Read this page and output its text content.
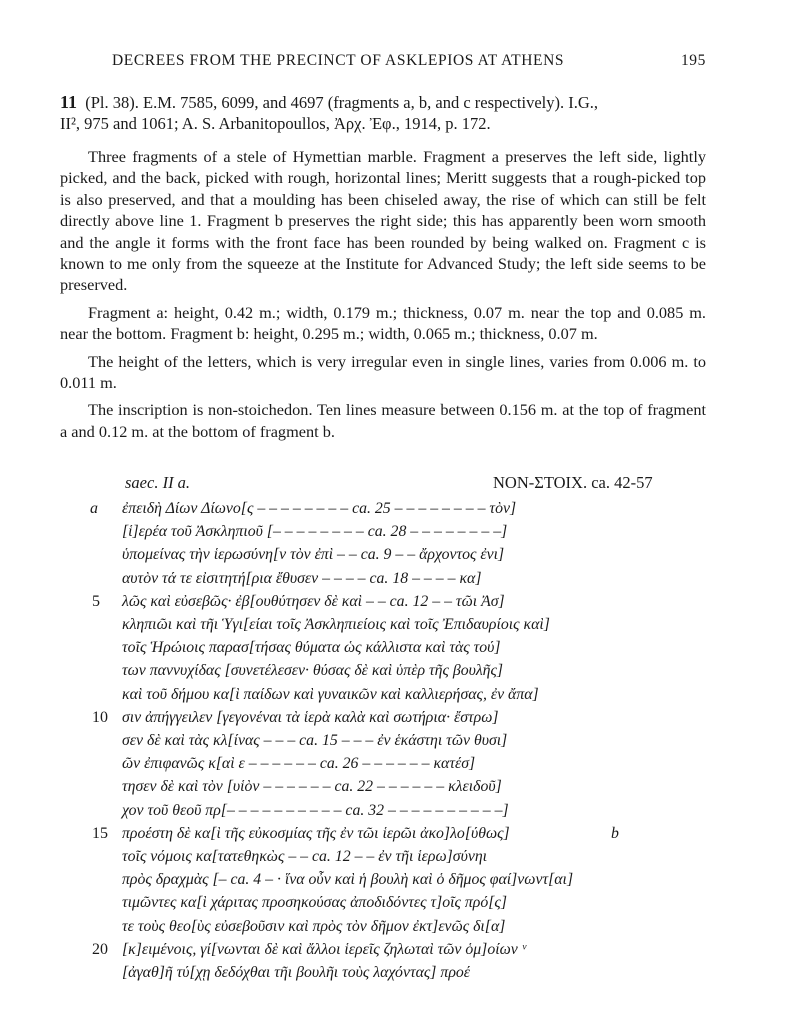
DECREES FROM THE PRECINCT OF ASKLEPIOS AT ATHENS	195
11 (Pl. 38). E.M. 7585, 6099, and 4697 (fragments a, b, and c respectively). I.G.,
II², 975 and 1061; A. S. Arbanitopoullos, Ἀρχ. Ἐφ., 1914, p. 172.

Three fragments of a stele of Hymettian marble. Fragment a preserves the left side, lightly picked, and the back, picked with rough, horizontal lines; Meritt suggests that a rough-picked top is also preserved, and that a moulding has been chiseled away, the rise of which can still be felt directly above line 1. Fragment b preserves the right side; this has apparently been worn smooth and the angle it forms with the front face has been rounded by being walked on. Fragment c is known to me only from the squeeze at the Institute for Advanced Study; the left side seems to be preserved.

Fragment a: height, 0.42 m.; width, 0.179 m.; thickness, 0.07 m. near the top and 0.085 m. near the bottom. Fragment b: height, 0.295 m.; width, 0.065 m.; thickness, 0.07 m.

The height of the letters, which is very irregular even in single lines, varies from 0.006 m. to 0.011 m.

The inscription is non-stoichedon. Ten lines measure between 0.156 m. at the top of fragment a and 0.12 m. at the bottom of fragment b.

saec. II a.	ΝΟΝ-ΣΤΟΙΧ. ca. 42-57
a ἐπειδὴ Δίων Δίωνο[ς – – – – – – – – ca. 25 – – – – – – – – τὸν]
[ἱ]ερέα τοῦ Ἀσκληπιοῦ [– – – – – – – – ca. 28 – – – – – – – –]
ὑπομείνας τὴν ἱερωσύνη[ν τὸν ἐπὶ – – ca. 9 – – ἄρχοντος ἐνι]
αυτὸν τά τε εἰσιτητή[ρια ἔθυσεν – – – – ca. 18 – – – – κα]
5	λῶς καὶ εὐσεβῶς· ἐβ[ουθύτησεν δὲ καὶ – – ca. 12 – – τῶι Ἀσ]
κληπιῶι καὶ τῆι Ὑγι[είαι τοῖς Ἀσκληπιείοις καὶ τοῖς Ἐπιδαυρίοις καὶ]
τοῖς Ἡρώιοις παρασ[τήσας θύματα ὡς κάλλιστα καὶ τὰς τού]
των παννυχίδας [συνετέλεσεν· θύσας δὲ καὶ ὑπὲρ τῆς βουλῆς]
καὶ τοῦ δήμου κα[ὶ παίδων καὶ γυναικῶν καὶ καλλιερήσας, ἐν ἄπα]
10 σιν ἀπήγγειλεν [γεγονέναι τὰ ἱερὰ καλὰ καὶ σωτήρια· ἔστρω]
σεν δὲ καὶ τὰς κλ[ίνας – – – ca. 15 – – – ἐν ἑκάστηι τῶν θυσι]
ῶν ἐπιφανῶς κ[αὶ ε – – – – – – ca. 26 – – – – – – κατέσ]
τησεν δὲ καὶ τὸν [υἱὸν – – – – – – ca. 22 – – – – – – κλειδοῦ]
χον τοῦ θεοῦ πρ[– – – – – – – – – – ca. 32 – – – – – – – – – –]
15 προέστη δὲ κα[ὶ τῆς εὐκοσμίας τῆς ἐν τῶι ἱερῶι ἀκο]λο[ύθως]	b
τοῖς νόμοις κα[τατεθηκὼς – – ca. 12 – – ἐν τῆι ἱερω]σύνηι
πρὸς δραχμὰς [– ca. 4 – · ἵνα οὖν καὶ ἡ βουλὴ καὶ ὁ δῆμος φαί]νωντ[αι]
τιμῶντες κα[ὶ χάριτας προσηκούσας ἀποδιδόντες τ]οῖς πρό[ς]
τε τοὺς θεο[ὺς εὐσεβοῦσιν καὶ πρὸς τὸν δῆμον ἐκτ]ενῶς δι[α]
20 [κ]ειμένοις, γί[νωνται δὲ καὶ ἄλλοι ἱερεῖς ζηλωταὶ τῶν ὁμ]οίων ᵛ
[ἀγαθ]ῆ τύ[χῃ δεδόχθαι τῆι βουλῆι τοὺς λαχόντας] προέ
